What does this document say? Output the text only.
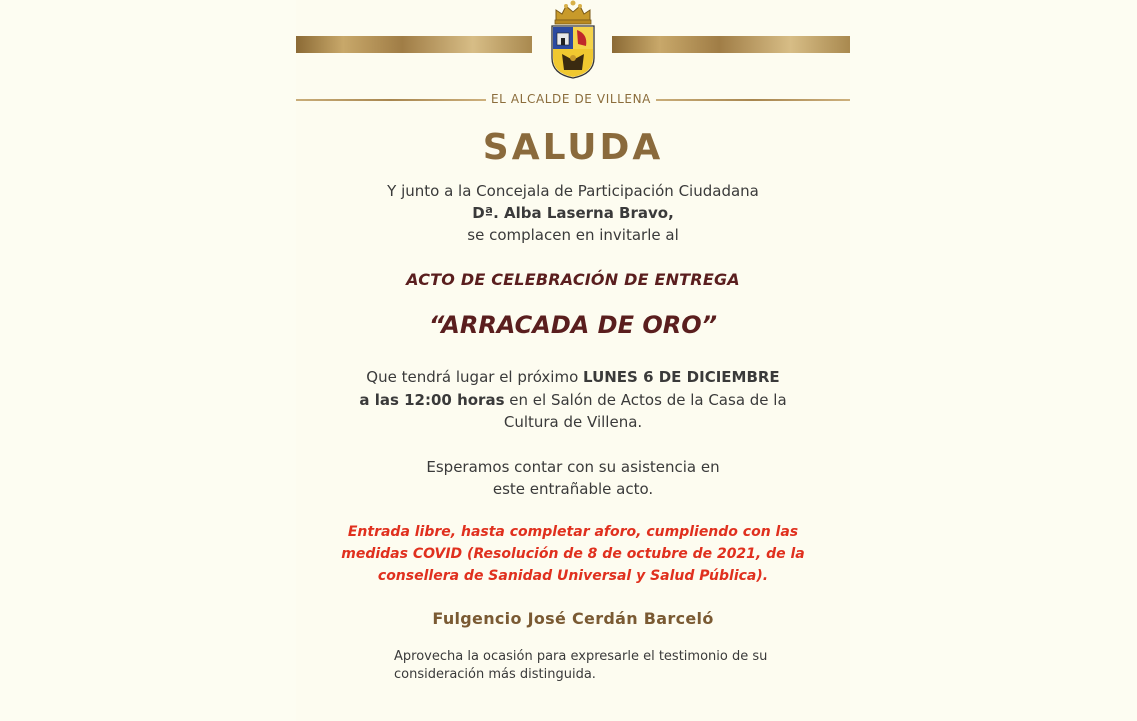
EL ALCALDE DE VILLENA
SALUDA
Y junto a la Concejala de Participación Ciudadana
Dª. Alba Laserna Bravo,
se complacen en invitarle al
ACTO DE CELEBRACIÓN DE ENTREGA
“ARRACADA DE ORO”
Que tendrá lugar el próximo LUNES 6 DE DICIEMBRE
a las 12:00 horas en el Salón de Actos de la Casa de la
Cultura de Villena.
Esperamos contar con su asistencia en
este entrañable acto.
Entrada libre, hasta completar aforo, cumpliendo con las
medidas COVID (Resolución de 8 de octubre de 2021, de la
consellera de Sanidad Universal y Salud Pública).
Fulgencio José Cerdán Barceló
Aprovecha la ocasión para expresarle el testimonio de su
consideración más distinguida.
